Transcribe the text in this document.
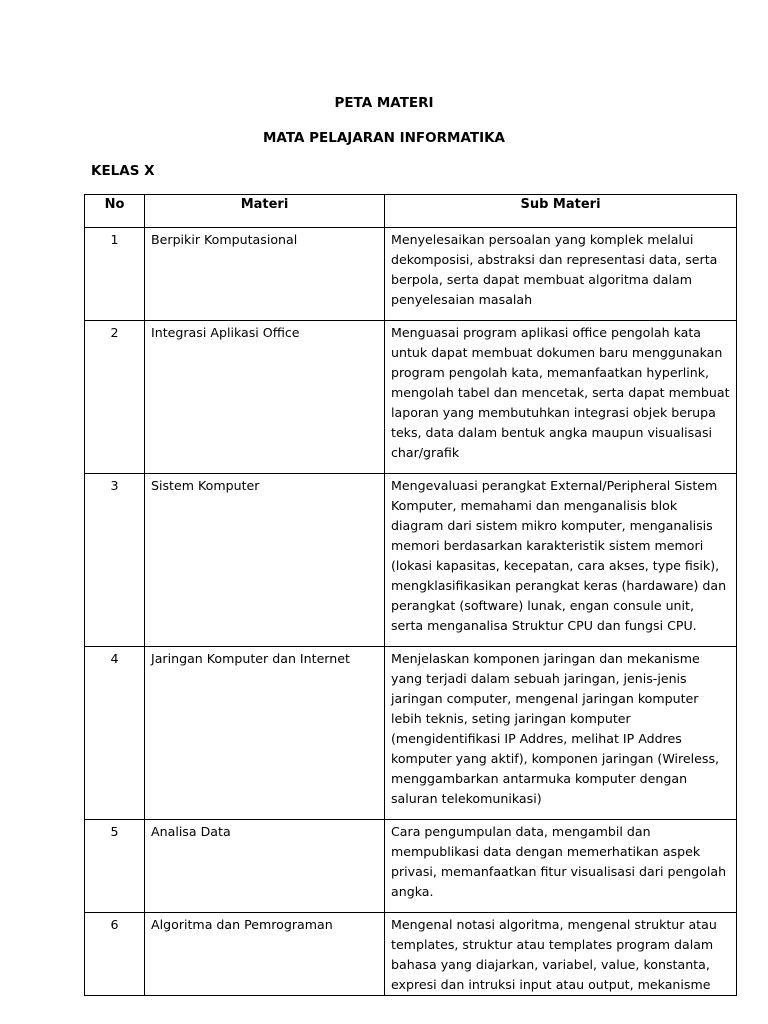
PETA MATERI
MATA PELAJARAN INFORMATIKA
KELAS X
No	Materi	Sub Materi
1	Berpikir Komputasional	Menyelesaikan persoalan yang komplek melalui dekomposisi, abstraksi dan representasi data, serta berpola, serta dapat membuat algoritma dalam penyelesaian masalah
2	Integrasi Aplikasi Office	Menguasai program aplikasi office pengolah kata untuk dapat membuat dokumen baru menggunakan program pengolah kata, memanfaatkan hyperlink, mengolah tabel dan mencetak, serta dapat membuat laporan yang membutuhkan integrasi objek berupa teks, data dalam bentuk angka maupun visualisasi char/grafik
3	Sistem Komputer	Mengevaluasi perangkat External/Peripheral Sistem Komputer, memahami dan menganalisis blok diagram dari sistem mikro komputer, menganalisis memori berdasarkan karakteristik sistem memori (lokasi kapasitas, kecepatan, cara akses, type fisik), mengklasifikasikan perangkat keras (hardaware) dan perangkat (software) lunak, engan consule unit, serta menganalisa Struktur CPU dan fungsi CPU.
4	Jaringan Komputer dan Internet	Menjelaskan komponen jaringan dan mekanisme yang terjadi dalam sebuah jaringan, jenis-jenis jaringan computer, mengenal jaringan komputer lebih teknis, seting jaringan komputer (mengidentifikasi IP Addres, melihat IP Addres komputer yang aktif), komponen jaringan (Wireless, menggambarkan antarmuka komputer dengan saluran telekomunikasi)
5	Analisa Data	Cara pengumpulan data, mengambil dan mempublikasi data dengan memerhatikan aspek privasi, memanfaatkan fitur visualisasi dari pengolah angka.
6	Algoritma dan Pemrograman	Mengenal notasi algoritma, mengenal struktur atau templates, struktur atau templates program dalam bahasa yang diajarkan, variabel, value, konstanta, expresi dan intruksi input atau output, mekanisme
